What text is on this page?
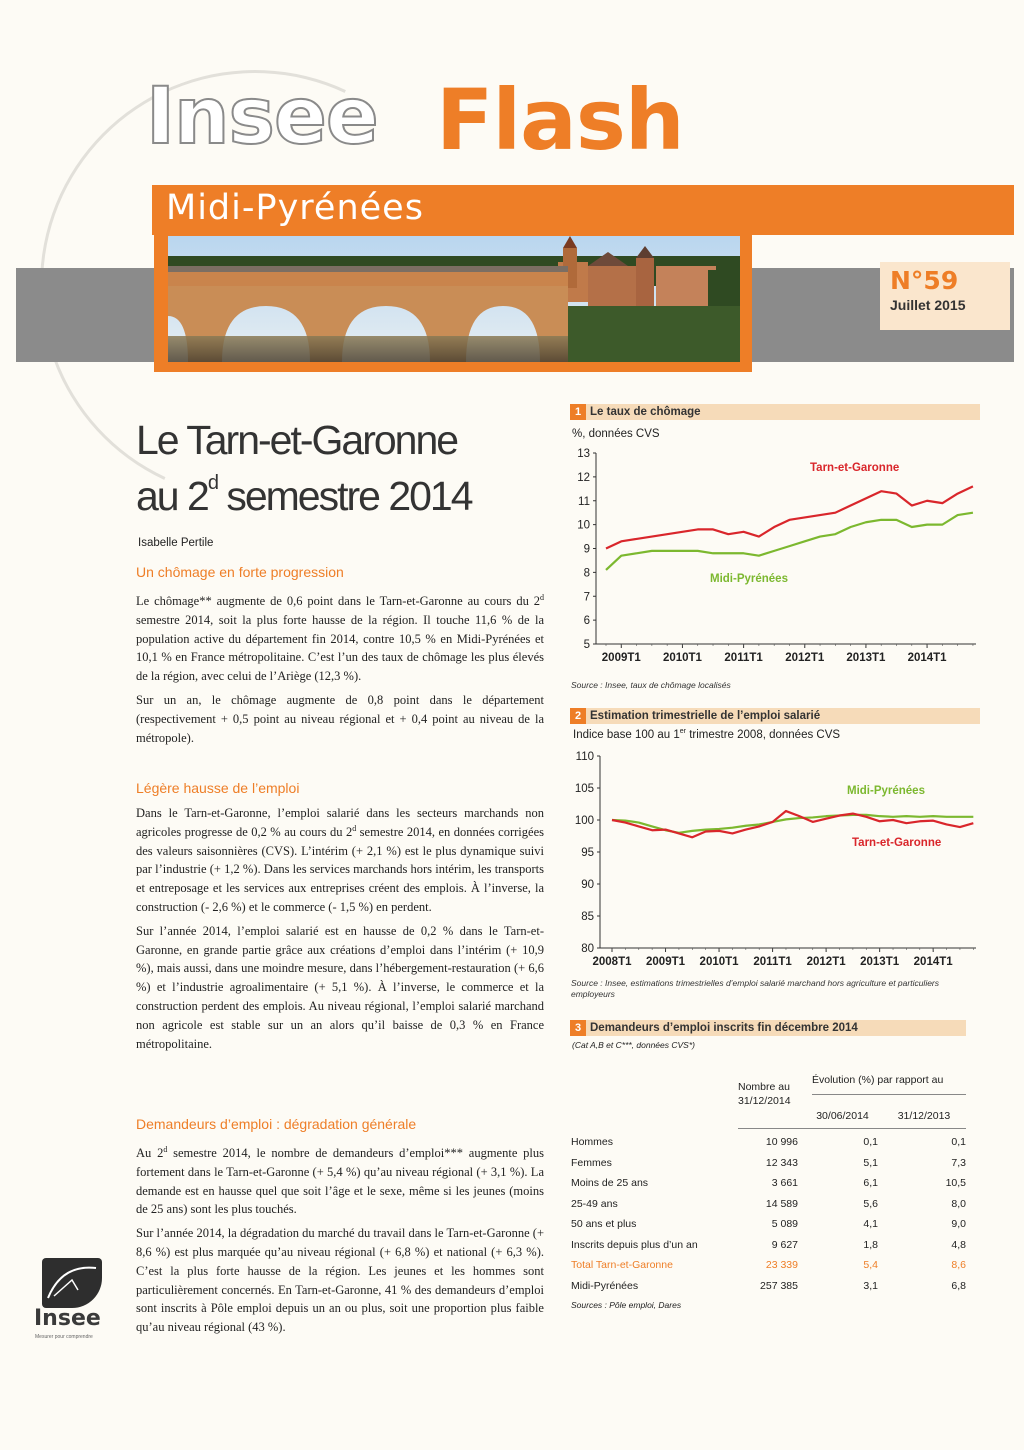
Insee Flash
Midi-Pyrénées
N°59
Juillet 2015
Le Tarn-et-Garonne
au 2$^d$ semestre 2014
Isabelle Pertile
Un chômage en forte progression

Le chômage** augmente de 0,6 point dans le Tarn-et-Garonne au cours du 2$^d$ semestre 2014, soit la plus forte hausse de la région. Il touche 11,6 % de la population active du département fin 2014, contre 10,5 % en Midi-Pyrénées et 10,1 % en France métropolitaine. C’est l’un des taux de chômage les plus élevés de la région, avec celui de l’Ariège (12,3 %).

Sur un an, le chômage augmente de 0,8 point dans le département (respectivement + 0,5 point au niveau régional et + 0,4 point au niveau de la métropole).

Légère hausse de l’emploi

Dans le Tarn-et-Garonne, l’emploi salarié dans les secteurs marchands non agricoles progresse de 0,2 % au cours du 2$^d$ semestre 2014, en données corrigées des valeurs saisonnières (CVS). L’intérim (+ 2,1 %) est le plus dynamique suivi par l’industrie (+ 1,2 %). Dans les services marchands hors intérim, les transports et entreposage et les services aux entreprises créent des emplois. À l’inverse, la construction (- 2,6 %) et le commerce (- 1,5 %) en perdent.

Sur l’année 2014, l’emploi salarié est en hausse de 0,2 % dans le Tarn-et-Garonne, en grande partie grâce aux créations d’emploi dans l’intérim (+ 10,9 %), mais aussi, dans une moindre mesure, dans l’hébergement-restauration (+ 6,6 %) et l’industrie agroalimentaire (+ 5,1 %). À l’inverse, le commerce et la construction perdent des emplois. Au niveau régional, l’emploi salarié marchand non agricole est stable sur un an alors qu’il baisse de 0,3 % en France métropolitaine.

Demandeurs d’emploi : dégradation générale

Au 2$^d$ semestre 2014, le nombre de demandeurs d’emploi*** augmente plus fortement dans le Tarn-et-Garonne (+ 5,4 %) qu’au niveau régional (+ 3,1 %). La demande est en hausse quel que soit l’âge et le sexe, même si les jeunes (moins de 25 ans) sont les plus touchés.

Sur l’année 2014, la dégradation du marché du travail dans le Tarn-et-Garonne (+ 8,6 %) est plus marquée qu’au niveau régional (+ 6,8 %) et national (+ 6,3 %). C’est la plus forte hausse de la région. Les jeunes et les hommes sont particulièrement concernés. En Tarn-et-Garonne, 41 % des demandeurs d’emploi sont inscrits à Pôle emploi depuis un an ou plus, soit une proportion plus faible qu’au niveau régional (43 %).

Insee
Mesurer pour comprendre
1 Le taux de chômage
%, données CVS
5
6
7
8
9
10
11
12
13
2009T1 2010T1 2011T1 2012T1 2013T1 2014T1
Tarn-et-Garonne
Midi-Pyrénées
Source : Insee, taux de chômage localisés
2 Estimation trimestrielle de l’emploi salarié
Indice base 100 au 1er trimestre 2008, données CVS
80
85
90
95
100
105
110
2008T1 2009T1 2010T1 2011T1 2012T1 2013T1 2014T1
Midi-Pyrénées
Tarn-et-Garonne
Source : Insee, estimations trimestrielles d’emploi salarié marchand hors agriculture et particuliers employeurs
3 Demandeurs d’emploi inscrits fin décembre 2014
(Cat A,B et C***, données CVS*)
Nombre au 31/12/2014
Évolution (%) par rapport au
30/06/2014	31/12/2013
Hommes	10 996	0,1	0,1
Femmes	12 343	5,1	7,3
Moins de 25 ans	3 661	6,1	10,5
25-49 ans	14 589	5,6	8,0
50 ans et plus	5 089	4,1	9,0
Inscrits depuis plus d’un an	9 627	1,8	4,8
Total Tarn-et-Garonne	23 339	5,4	8,6
Midi-Pyrénées	257 385	3,1	6,8
Sources : Pôle emploi, Dares
